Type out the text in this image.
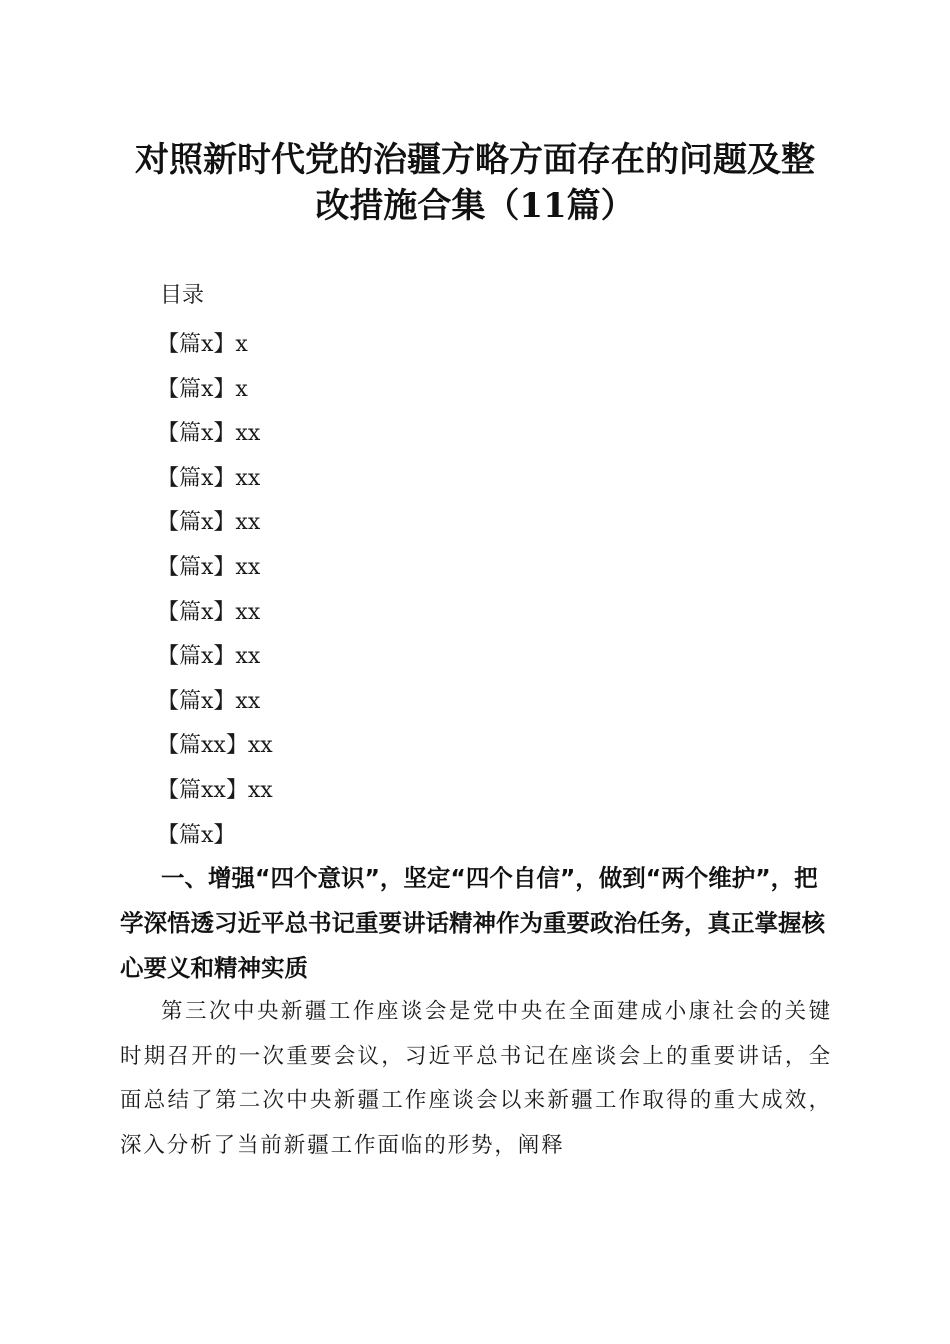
对照新时代党的治疆方略方面存在的问题及整
改措施合集（11篇）
目录
【篇x】x
【篇x】x
【篇x】xx
【篇x】xx
【篇x】xx
【篇x】xx
【篇x】xx
【篇x】xx
【篇x】xx
【篇xx】xx
【篇xx】xx
【篇x】

一、增强“四个意识”，坚定“四个自信”，做到“两个维护”，把学深悟透习近平总书记重要讲话精神作为重要政治任务，真正掌握核心要义和精神实质

第三次中央新疆工作座谈会是党中央在全面建成小康社会的关键时期召开的一次重要会议，习近平总书记在座谈会上的重要讲话，全面总结了第二次中央新疆工作座谈会以来新疆工作取得的重大成效，深入分析了当前新疆工作面临的形势，阐释
